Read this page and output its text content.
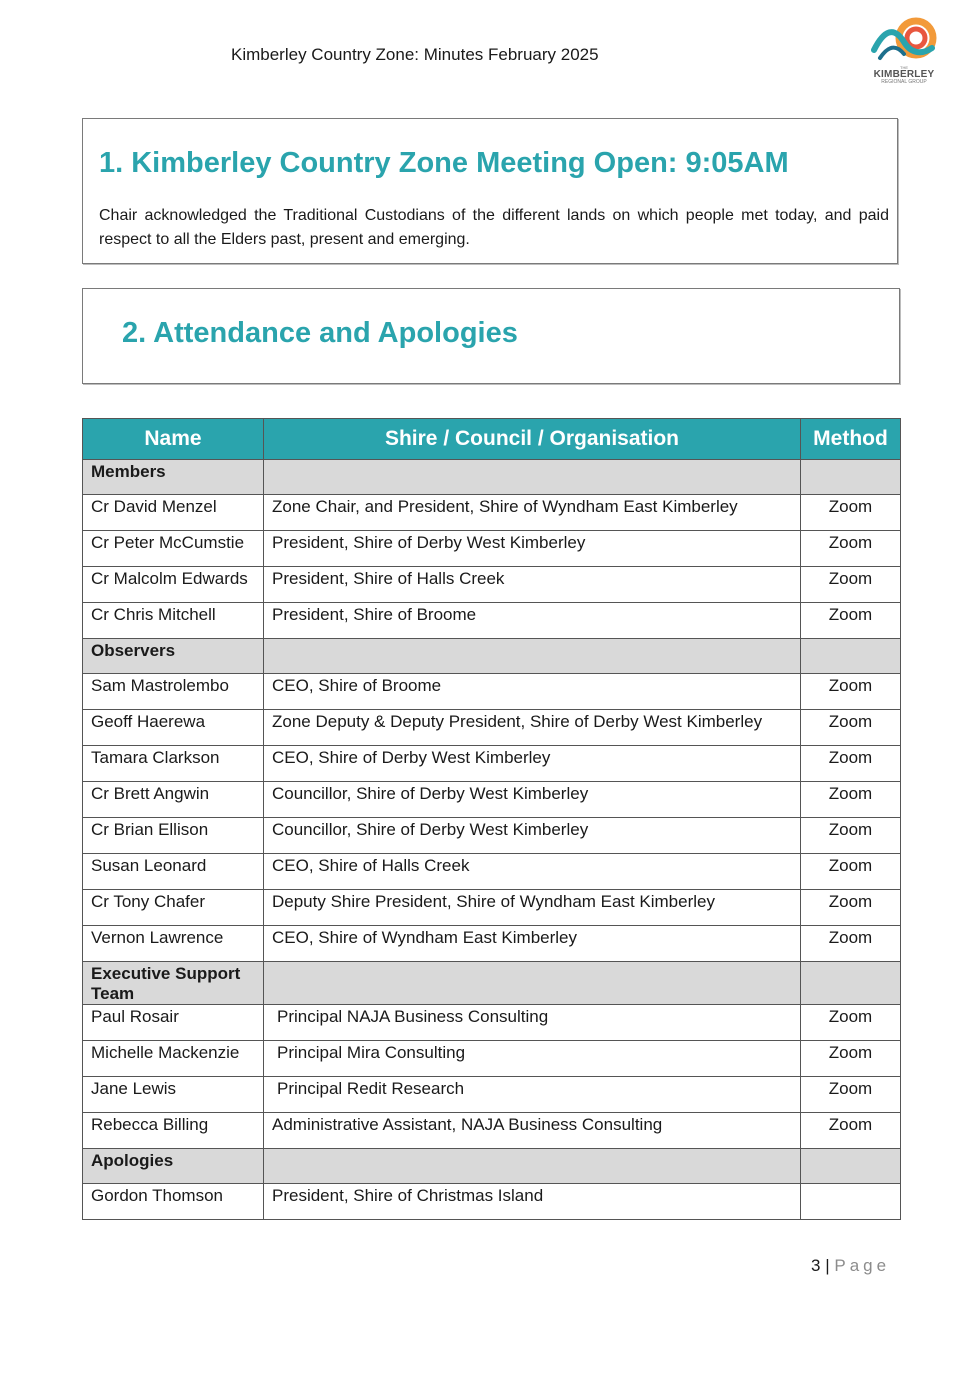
Kimberley Country Zone: Minutes February 2025
THE
KIMBERLEY
REGIONAL GROUP
1. Kimberley Country Zone Meeting Open: 9:05AM
Chair acknowledged the Traditional Custodians of the different lands on which people met today, and paid respect to all the Elders past, present and emerging.
2. Attendance and Apologies
Name	Shire / Council / Organisation	Method
Members		
Cr David Menzel	Zone Chair, and President, Shire of Wyndham East Kimberley	Zoom
Cr Peter McCumstie	President, Shire of Derby West Kimberley	Zoom
Cr Malcolm Edwards	President, Shire of Halls Creek	Zoom
Cr Chris Mitchell	President, Shire of Broome	Zoom
Observers		
Sam Mastrolembo	CEO, Shire of Broome	Zoom
Geoff Haerewa	Zone Deputy & Deputy President, Shire of Derby West Kimberley	Zoom
Tamara Clarkson	CEO, Shire of Derby West Kimberley	Zoom
Cr Brett Angwin	Councillor, Shire of Derby West Kimberley	Zoom
Cr Brian Ellison	Councillor, Shire of Derby West Kimberley	Zoom
Susan Leonard	CEO, Shire of Halls Creek	Zoom
Cr Tony Chafer	Deputy Shire President, Shire of Wyndham East Kimberley	Zoom
Vernon Lawrence	CEO, Shire of Wyndham East Kimberley	Zoom
Executive Support Team		
Paul Rosair	Principal NAJA Business Consulting	Zoom
Michelle Mackenzie	Principal Mira Consulting	Zoom
Jane Lewis	Principal Redit Research	Zoom
Rebecca Billing	Administrative Assistant, NAJA Business Consulting	Zoom
Apologies		
Gordon Thomson	President, Shire of Christmas Island	
3 | Page
